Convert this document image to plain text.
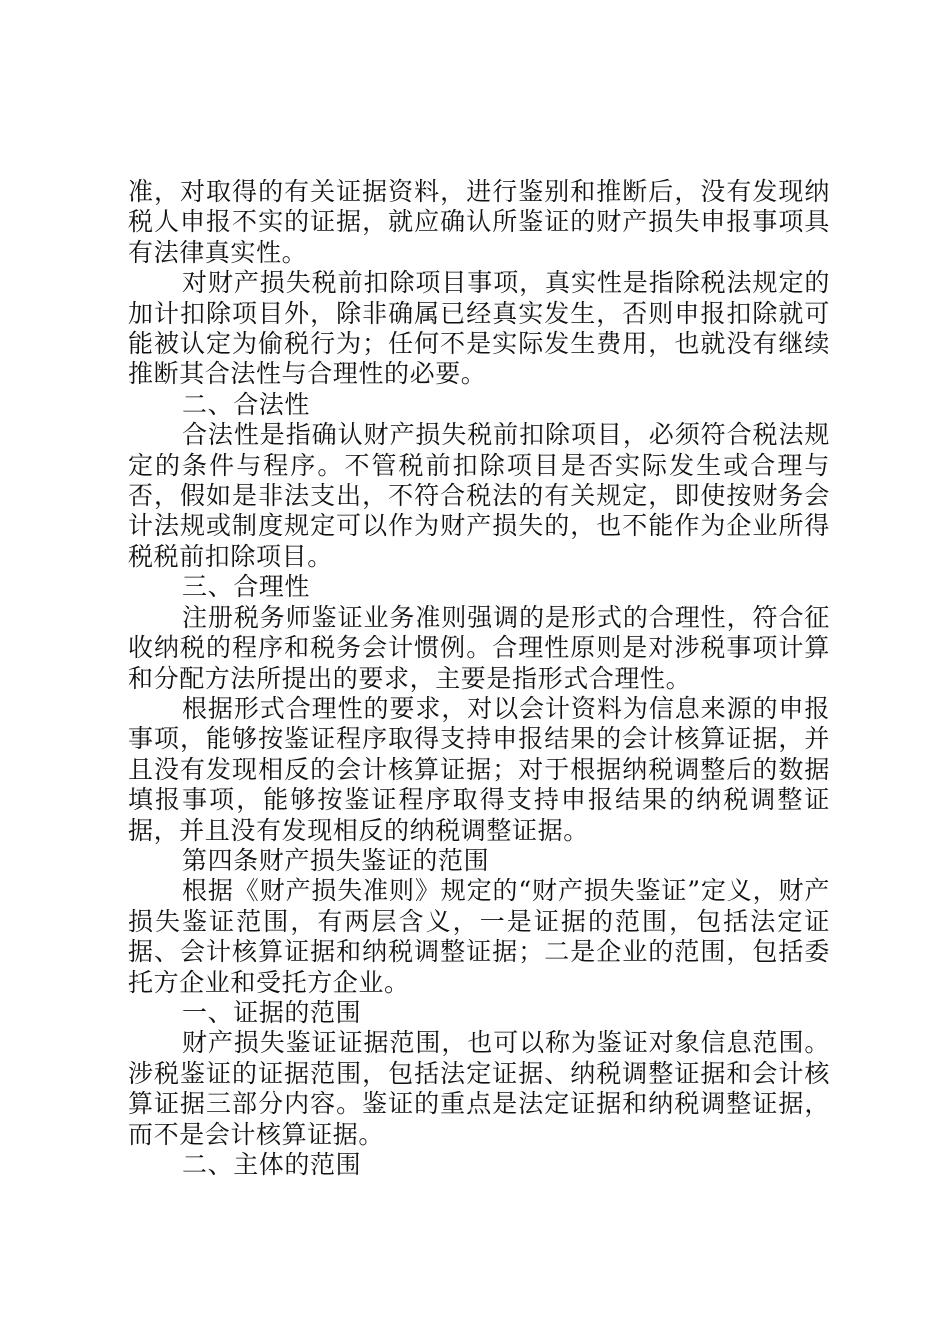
准，对取得的有关证据资料，进行鉴别和推断后，没有发现纳税人申报不实的证据，就应确认所鉴证的财产损失申报事项具有法律真实性。

对财产损失税前扣除项目事项，真实性是指除税法规定的加计扣除项目外，除非确属已经真实发生，否则申报扣除就可能被认定为偷税行为；任何不是实际发生费用，也就没有继续推断其合法性与合理性的必要。

二、合法性

合法性是指确认财产损失税前扣除项目，必须符合税法规定的条件与程序。不管税前扣除项目是否实际发生或合理与否，假如是非法支出，不符合税法的有关规定，即使按财务会计法规或制度规定可以作为财产损失的，也不能作为企业所得税税前扣除项目。

三、合理性

注册税务师鉴证业务准则强调的是形式的合理性，符合征收纳税的程序和税务会计惯例。合理性原则是对涉税事项计算和分配方法所提出的要求，主要是指形式合理性。

根据形式合理性的要求，对以会计资料为信息来源的申报事项，能够按鉴证程序取得支持申报结果的会计核算证据，并且没有发现相反的会计核算证据；对于根据纳税调整后的数据填报事项，能够按鉴证程序取得支持申报结果的纳税调整证据，并且没有发现相反的纳税调整证据。

第四条财产损失鉴证的范围

根据《财产损失准则》规定的“财产损失鉴证”定义，财产损失鉴证范围，有两层含义，一是证据的范围，包括法定证据、会计核算证据和纳税调整证据；二是企业的范围，包括委托方企业和受托方企业。

一、证据的范围

财产损失鉴证证据范围，也可以称为鉴证对象信息范围。涉税鉴证的证据范围，包括法定证据、纳税调整证据和会计核算证据三部分内容。鉴证的重点是法定证据和纳税调整证据，而不是会计核算证据。

二、主体的范围
